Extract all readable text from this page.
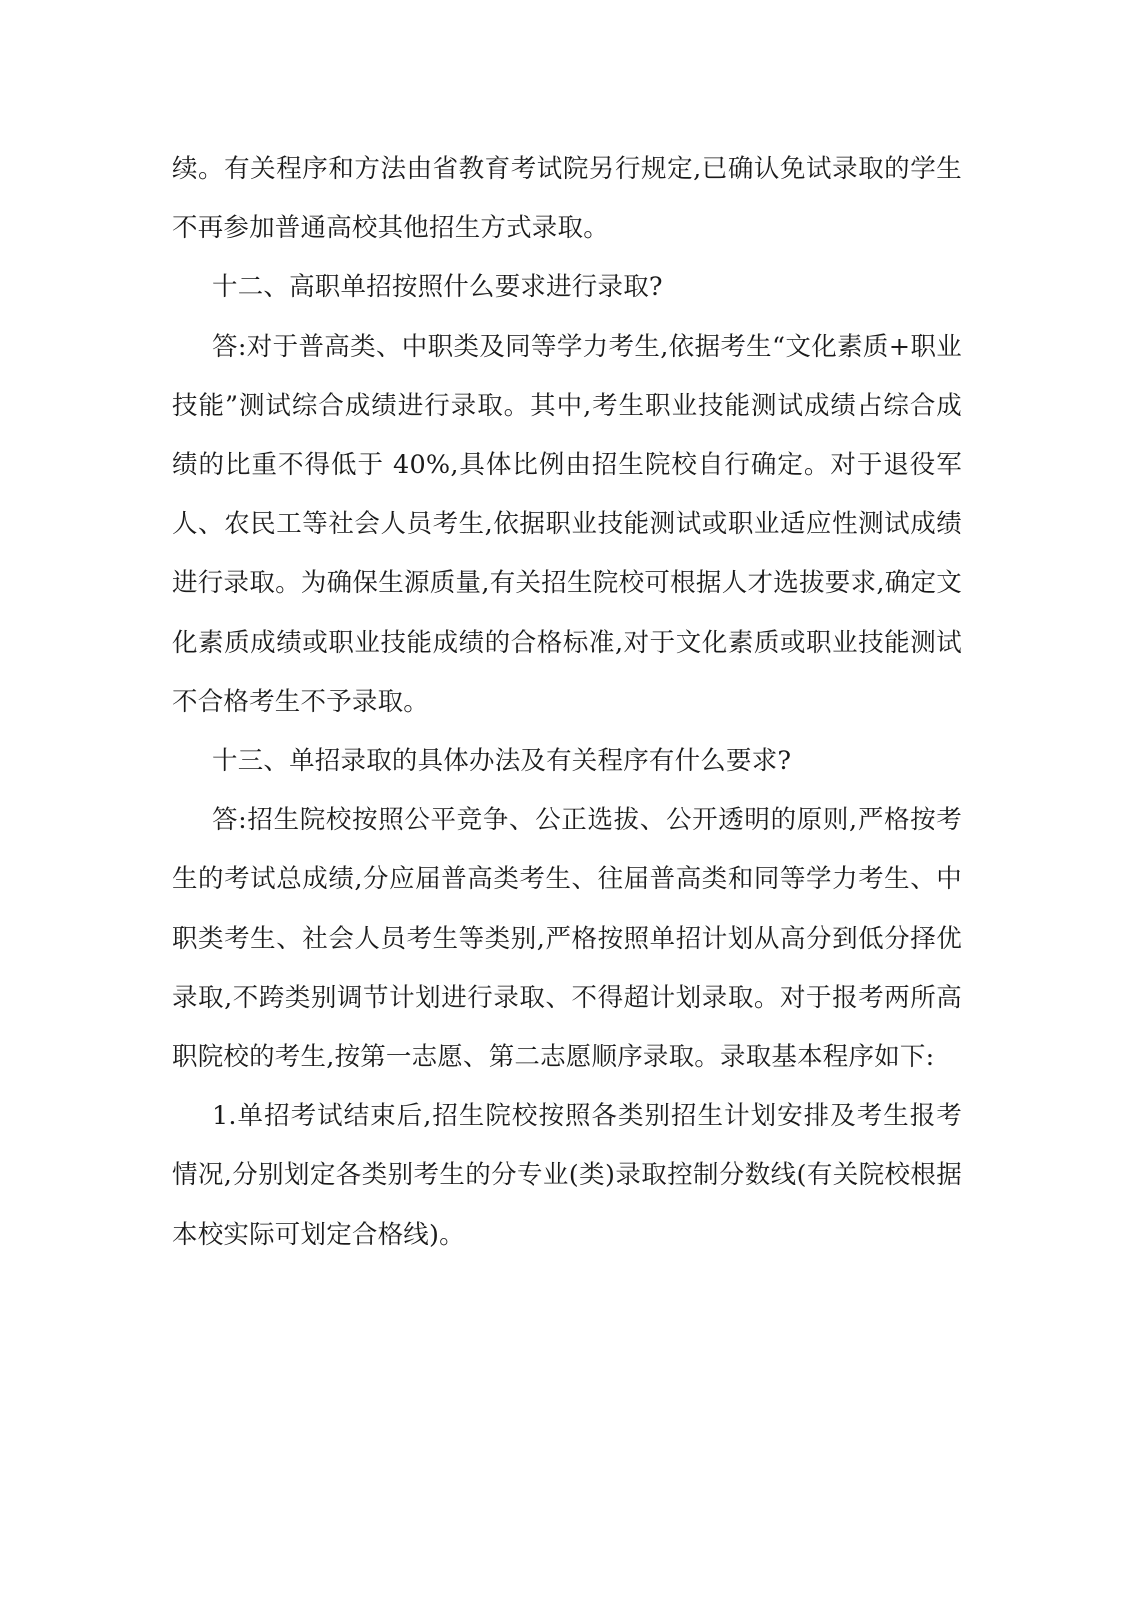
续。有关程序和方法由省教育考试院另行规定,已确认免试录取的学生不再参加普通高校其他招生方式录取。

十二、高职单招按照什么要求进行录取?

答:对于普高类、中职类及同等学力考生,依据考生“文化素质+职业技能”测试综合成绩进行录取。其中,考生职业技能测试成绩占综合成绩的比重不得低于 40%,具体比例由招生院校自行确定。对于退役军人、农民工等社会人员考生,依据职业技能测试或职业适应性测试成绩进行录取。为确保生源质量,有关招生院校可根据人才选拔要求,确定文化素质成绩或职业技能成绩的合格标准,对于文化素质或职业技能测试不合格考生不予录取。

十三、单招录取的具体办法及有关程序有什么要求?

答:招生院校按照公平竞争、公正选拔、公开透明的原则,严格按考生的考试总成绩,分应届普高类考生、往届普高类和同等学力考生、中职类考生、社会人员考生等类别,严格按照单招计划从高分到低分择优录取,不跨类别调节计划进行录取、不得超计划录取。对于报考两所高职院校的考生,按第一志愿、第二志愿顺序录取。录取基本程序如下:

1.单招考试结束后,招生院校按照各类别招生计划安排及考生报考情况,分别划定各类别考生的分专业(类)录取控制分数线(有关院校根据本校实际可划定合格线)。
